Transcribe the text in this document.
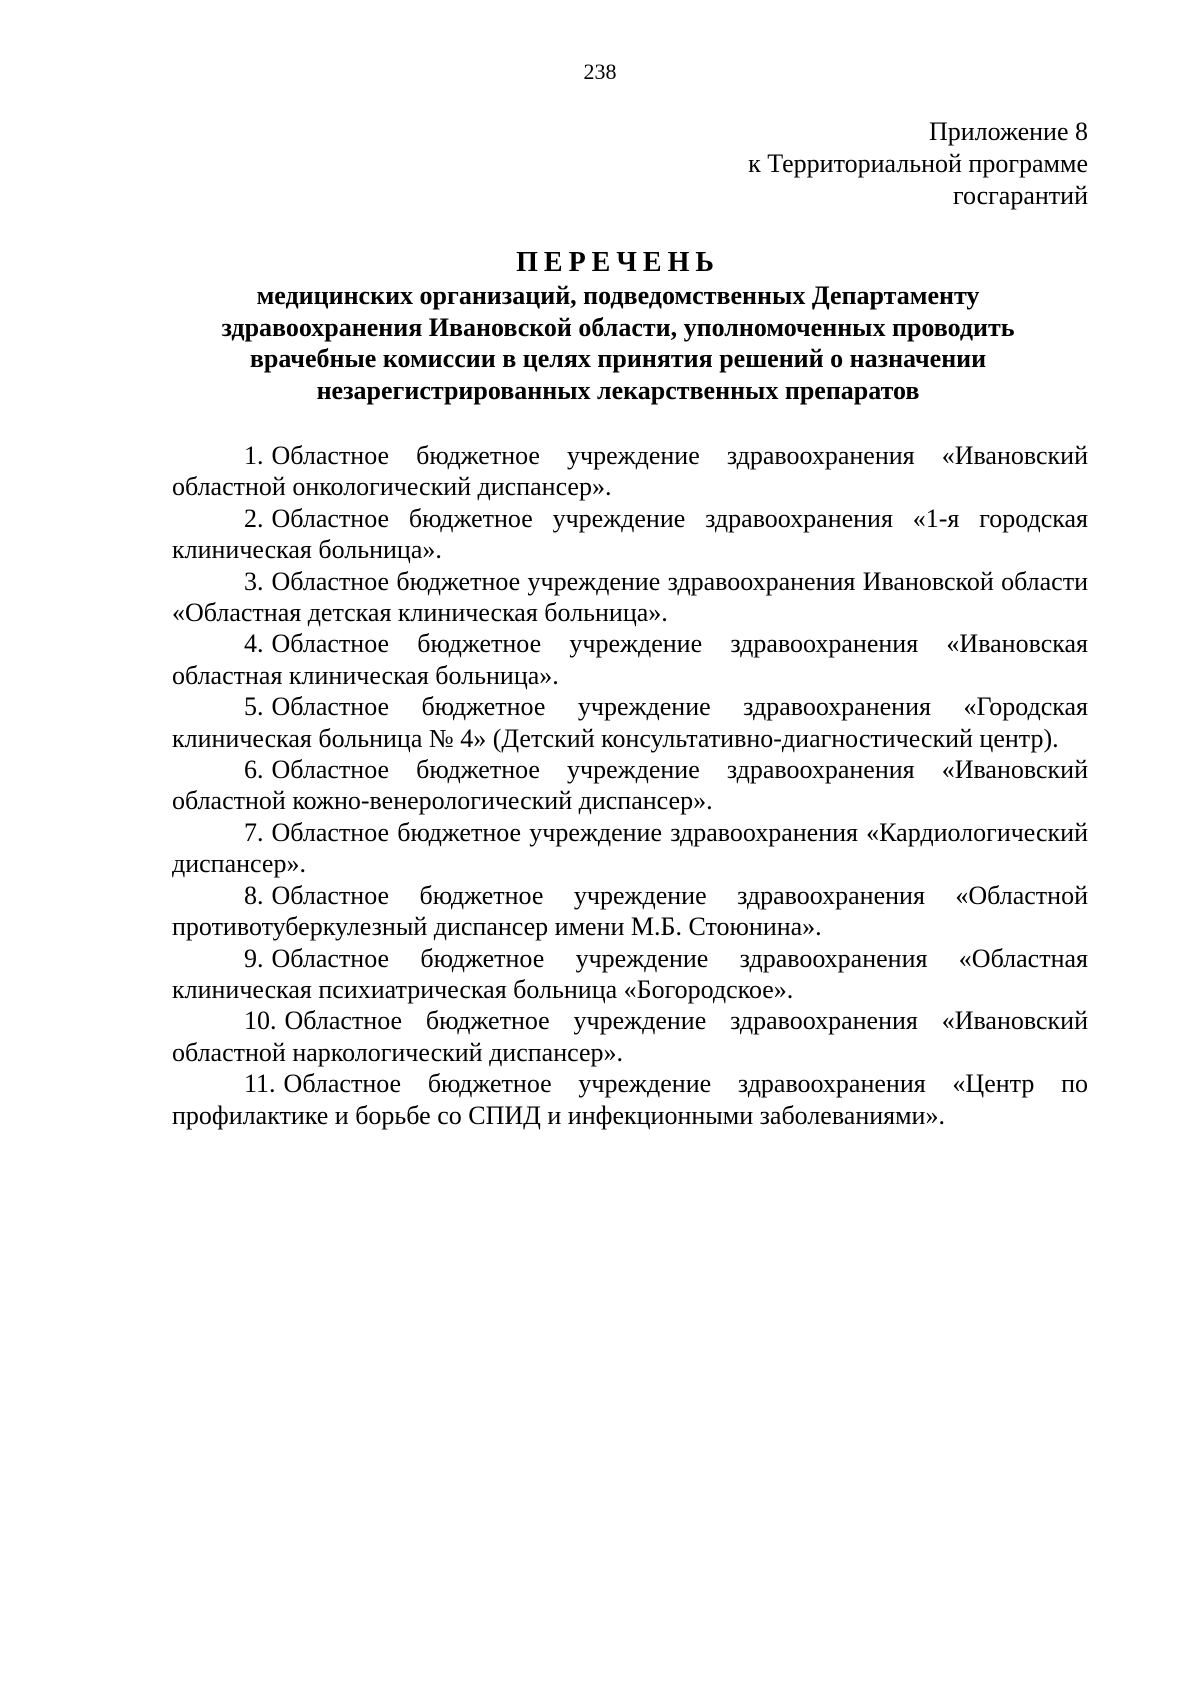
238
Приложение 8
к Территориальной программе
госгарантий
ПЕРЕЧЕНЬ
медицинских организаций, подведомственных Департаменту
здравоохранения Ивановской области, уполномоченных проводить
врачебные комиссии в целях принятия решений о назначении
незарегистрированных лекарственных препаратов

1. Областное бюджетное учреждение здравоохранения «Ивановский областной онкологический диспансер».

2. Областное бюджетное учреждение здравоохранения «1-я городская клиническая больница».

3. Областное бюджетное учреждение здравоохранения Ивановской области «Областная детская клиническая больница».

4. Областное бюджетное учреждение здравоохранения «Ивановская областная клиническая больница».

5. Областное бюджетное учреждение здравоохранения «Городская клиническая больница № 4» (Детский консультативно-диагностический центр).

6. Областное бюджетное учреждение здравоохранения «Ивановский областной кожно-венерологический диспансер».

7. Областное бюджетное учреждение здравоохранения «Кардиологический диспансер».

8. Областное бюджетное учреждение здравоохранения «Областной противотуберкулезный диспансер имени М.Б. Стоюнина».

9. Областное бюджетное учреждение здравоохранения «Областная клиническая психиатрическая больница «Богородское».

10. Областное бюджетное учреждение здравоохранения «Ивановский областной наркологический диспансер».

11. Областное бюджетное учреждение здравоохранения «Центр по профилактике и борьбе со СПИД и инфекционными заболеваниями».
